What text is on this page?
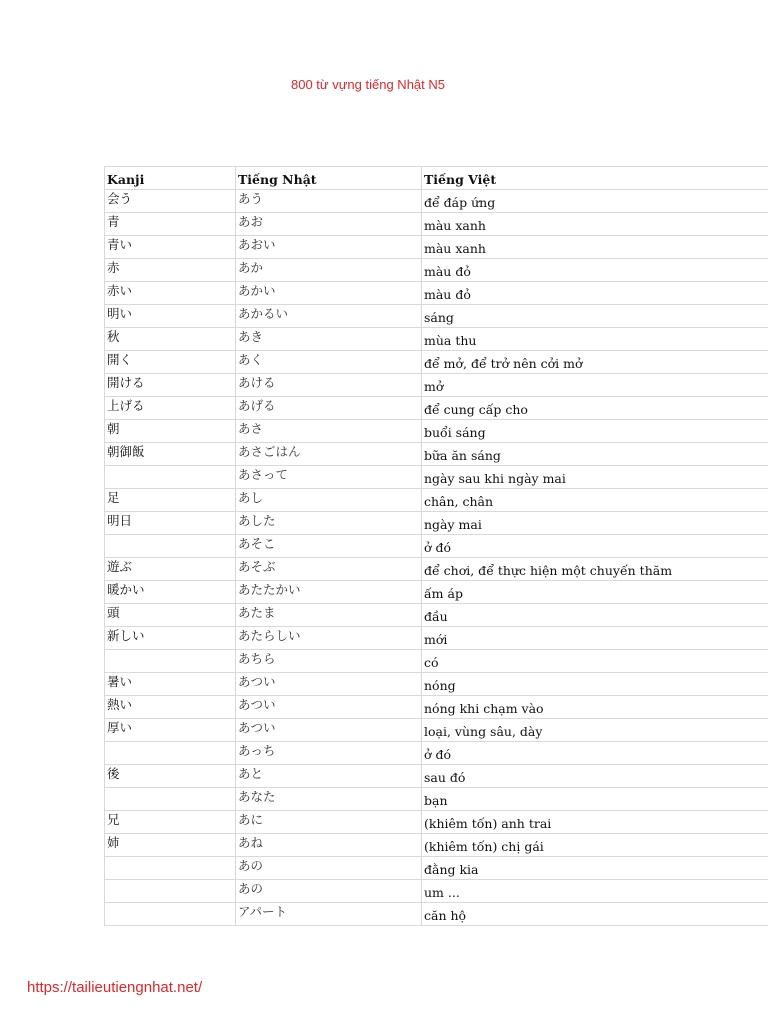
800 từ vựng tiếng Nhật N5
Kanji	Tiếng Nhật	Tiếng Việt
会う	あう	để đáp ứng
青	あお	màu xanh
青い	あおい	màu xanh
赤	あか	màu đỏ
赤い	あかい	màu đỏ
明い	あかるい	sáng
秋	あき	mùa thu
開く	あく	để mở, để trở nên cởi mở
開ける	あける	mở
上げる	あげる	để cung cấp cho
朝	あさ	buổi sáng
朝御飯	あさごはん	bữa ăn sáng
	あさって	ngày sau khi ngày mai
足	あし	chân, chân
明日	あした	ngày mai
	あそこ	ở đó
遊ぶ	あそぶ	để chơi, để thực hiện một chuyến thăm
暖かい	あたたかい	ấm áp
頭	あたま	đầu
新しい	あたらしい	mới
	あちら	có
暑い	あつい	nóng
熱い	あつい	nóng khi chạm vào
厚い	あつい	loại, vùng sâu, dày
	あっち	ở đó
後	あと	sau đó
	あなた	bạn
兄	あに	(khiêm tốn) anh trai
姉	あね	(khiêm tốn) chị gái
	あの	đằng kia
	あの	um ...
	アパート	căn hộ
https://tailieutiengnhat.net/
